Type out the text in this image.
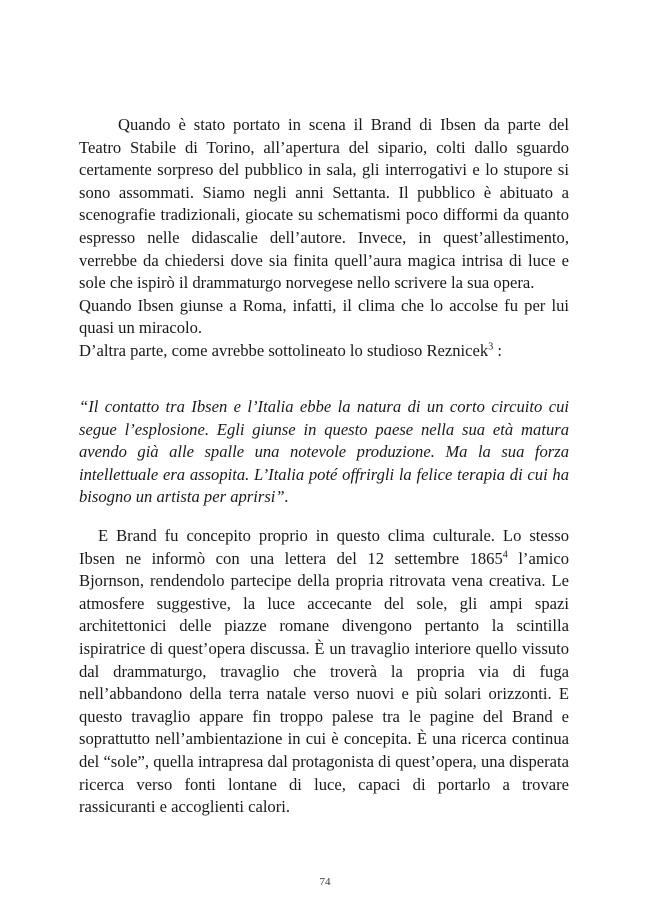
Quando è stato portato in scena il Brand di Ibsen da parte del Teatro Stabile di Torino, all’apertura del sipario, colti dallo sguardo certamente sorpreso del pubblico in sala, gli interrogativi e lo stupore si sono assommati. Siamo negli anni Settanta. Il pubblico è abituato a scenografie tradizionali, giocate su schematismi poco difformi da quanto espresso nelle didascalie dell’autore. Invece, in quest’allestimento, verrebbe da chiedersi dove sia finita quell’aura magica intrisa di luce e sole che ispirò il drammaturgo norvegese nello scrivere la sua opera.

Quando Ibsen giunse a Roma, infatti, il clima che lo accolse fu per lui quasi un miracolo.

D’altra parte, come avrebbe sottolineato lo studioso Reznicek$^3$ :

“Il contatto tra Ibsen e l’Italia ebbe la natura di un corto circuito cui segue l’esplosione. Egli giunse in questo paese nella sua età matura avendo già alle spalle una notevole produzione. Ma la sua forza intellettuale era assopita. L’Italia poté offrirgli la felice terapia di cui ha bisogno un artista per aprirsi”.

E Brand fu concepito proprio in questo clima culturale. Lo stesso Ibsen ne informò con una lettera del 12 settembre 1865$^4$ l’amico Bjornson, rendendolo partecipe della propria ritrovata vena creativa. Le atmosfere suggestive, la luce accecante del sole, gli ampi spazi architettonici delle piazze romane divengono pertanto la scintilla ispiratrice di quest’opera discussa. È un travaglio interiore quello vissuto dal drammaturgo, travaglio che troverà la propria via di fuga nell’abbandono della terra natale verso nuovi e più solari orizzonti. E questo travaglio appare fin troppo palese tra le pagine del Brand e soprattutto nell’ambientazione in cui è concepita. È una ricerca continua del “sole”, quella intrapresa dal protagonista di quest’opera, una disperata ricerca verso fonti lontane di luce, capaci di portarlo a trovare rassicuranti e accoglienti calori.

74
